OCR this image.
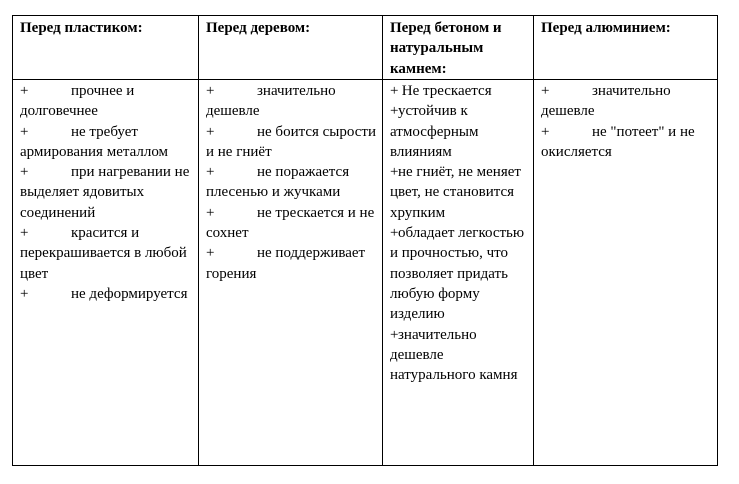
Перед пластиком:	Перед деревом:	Перед бетоном и натуральным камнем:	Перед алюминием:

+	прочнее и долговечнее
+	не требует армирования металлом
+	при нагревании не выделяет ядовитых соединений
+	красится и перекрашивается в любой цвет
+	не деформируется

+	значительно дешевле
+	не боится сырости и не гниёт
+	не поражается плесенью и жучками
+	не трескается и не сохнет
+	не поддерживает горения

+ Не трескается
+устойчив к атмосферным влияниям
+не гниёт, не меняет цвет, не становится хрупким
+обладает легкостью и прочностью, что позволяет придать любую форму изделию
+значительно дешевле натурального камня

+	значительно дешевле
+	не "потеет" и не окисляется
